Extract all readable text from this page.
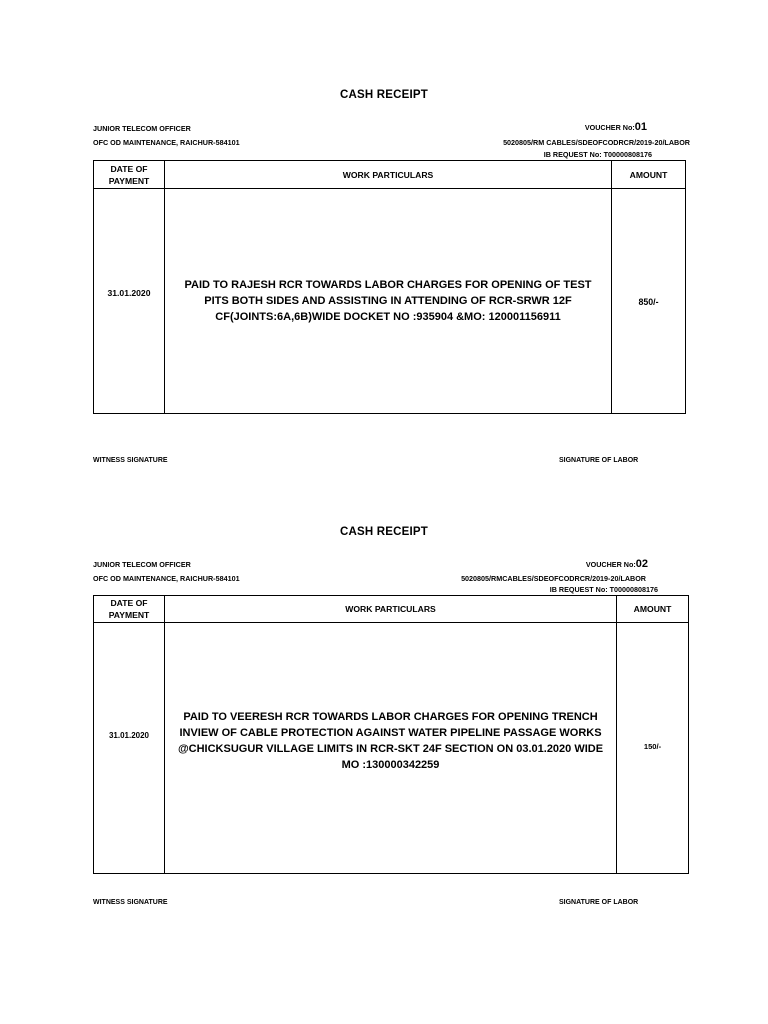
CASH RECEIPT
JUNIOR TELECOM OFFICER
OFC OD MAINTENANCE, RAICHUR-584101
VOUCHER No:01
5020805/RM CABLES/SDEOFCODRCR/2019-20/LABOR
IB REQUEST No: T00000808176
DATE OF PAYMENT	WORK PARTICULARS	AMOUNT
31.01.2020	PAID TO RAJESH RCR TOWARDS LABOR CHARGES FOR OPENING OF TEST PITS BOTH SIDES AND ASSISTING IN ATTENDING OF RCR-SRWR 12F CF(JOINTS:6A,6B)WIDE DOCKET NO :935904 &MO: 120001156911	850/-
WITNESS SIGNATURE	SIGNATURE OF LABOR
CASH RECEIPT
JUNIOR TELECOM OFFICER
OFC OD MAINTENANCE, RAICHUR-584101
VOUCHER No:02
5020805/RMCABLES/SDEOFCODRCR/2019-20/LABOR
IB REQUEST No: T00000808176
DATE OF PAYMENT	WORK PARTICULARS	AMOUNT
31.01.2020	PAID TO VEERESH RCR TOWARDS LABOR CHARGES FOR OPENING TRENCH INVIEW OF CABLE PROTECTION AGAINST WATER PIPELINE PASSAGE WORKS @CHICKSUGUR VILLAGE LIMITS IN RCR-SKT 24F SECTION ON 03.01.2020 WIDE MO :130000342259	150/-
WITNESS SIGNATURE	SIGNATURE OF LABOR
